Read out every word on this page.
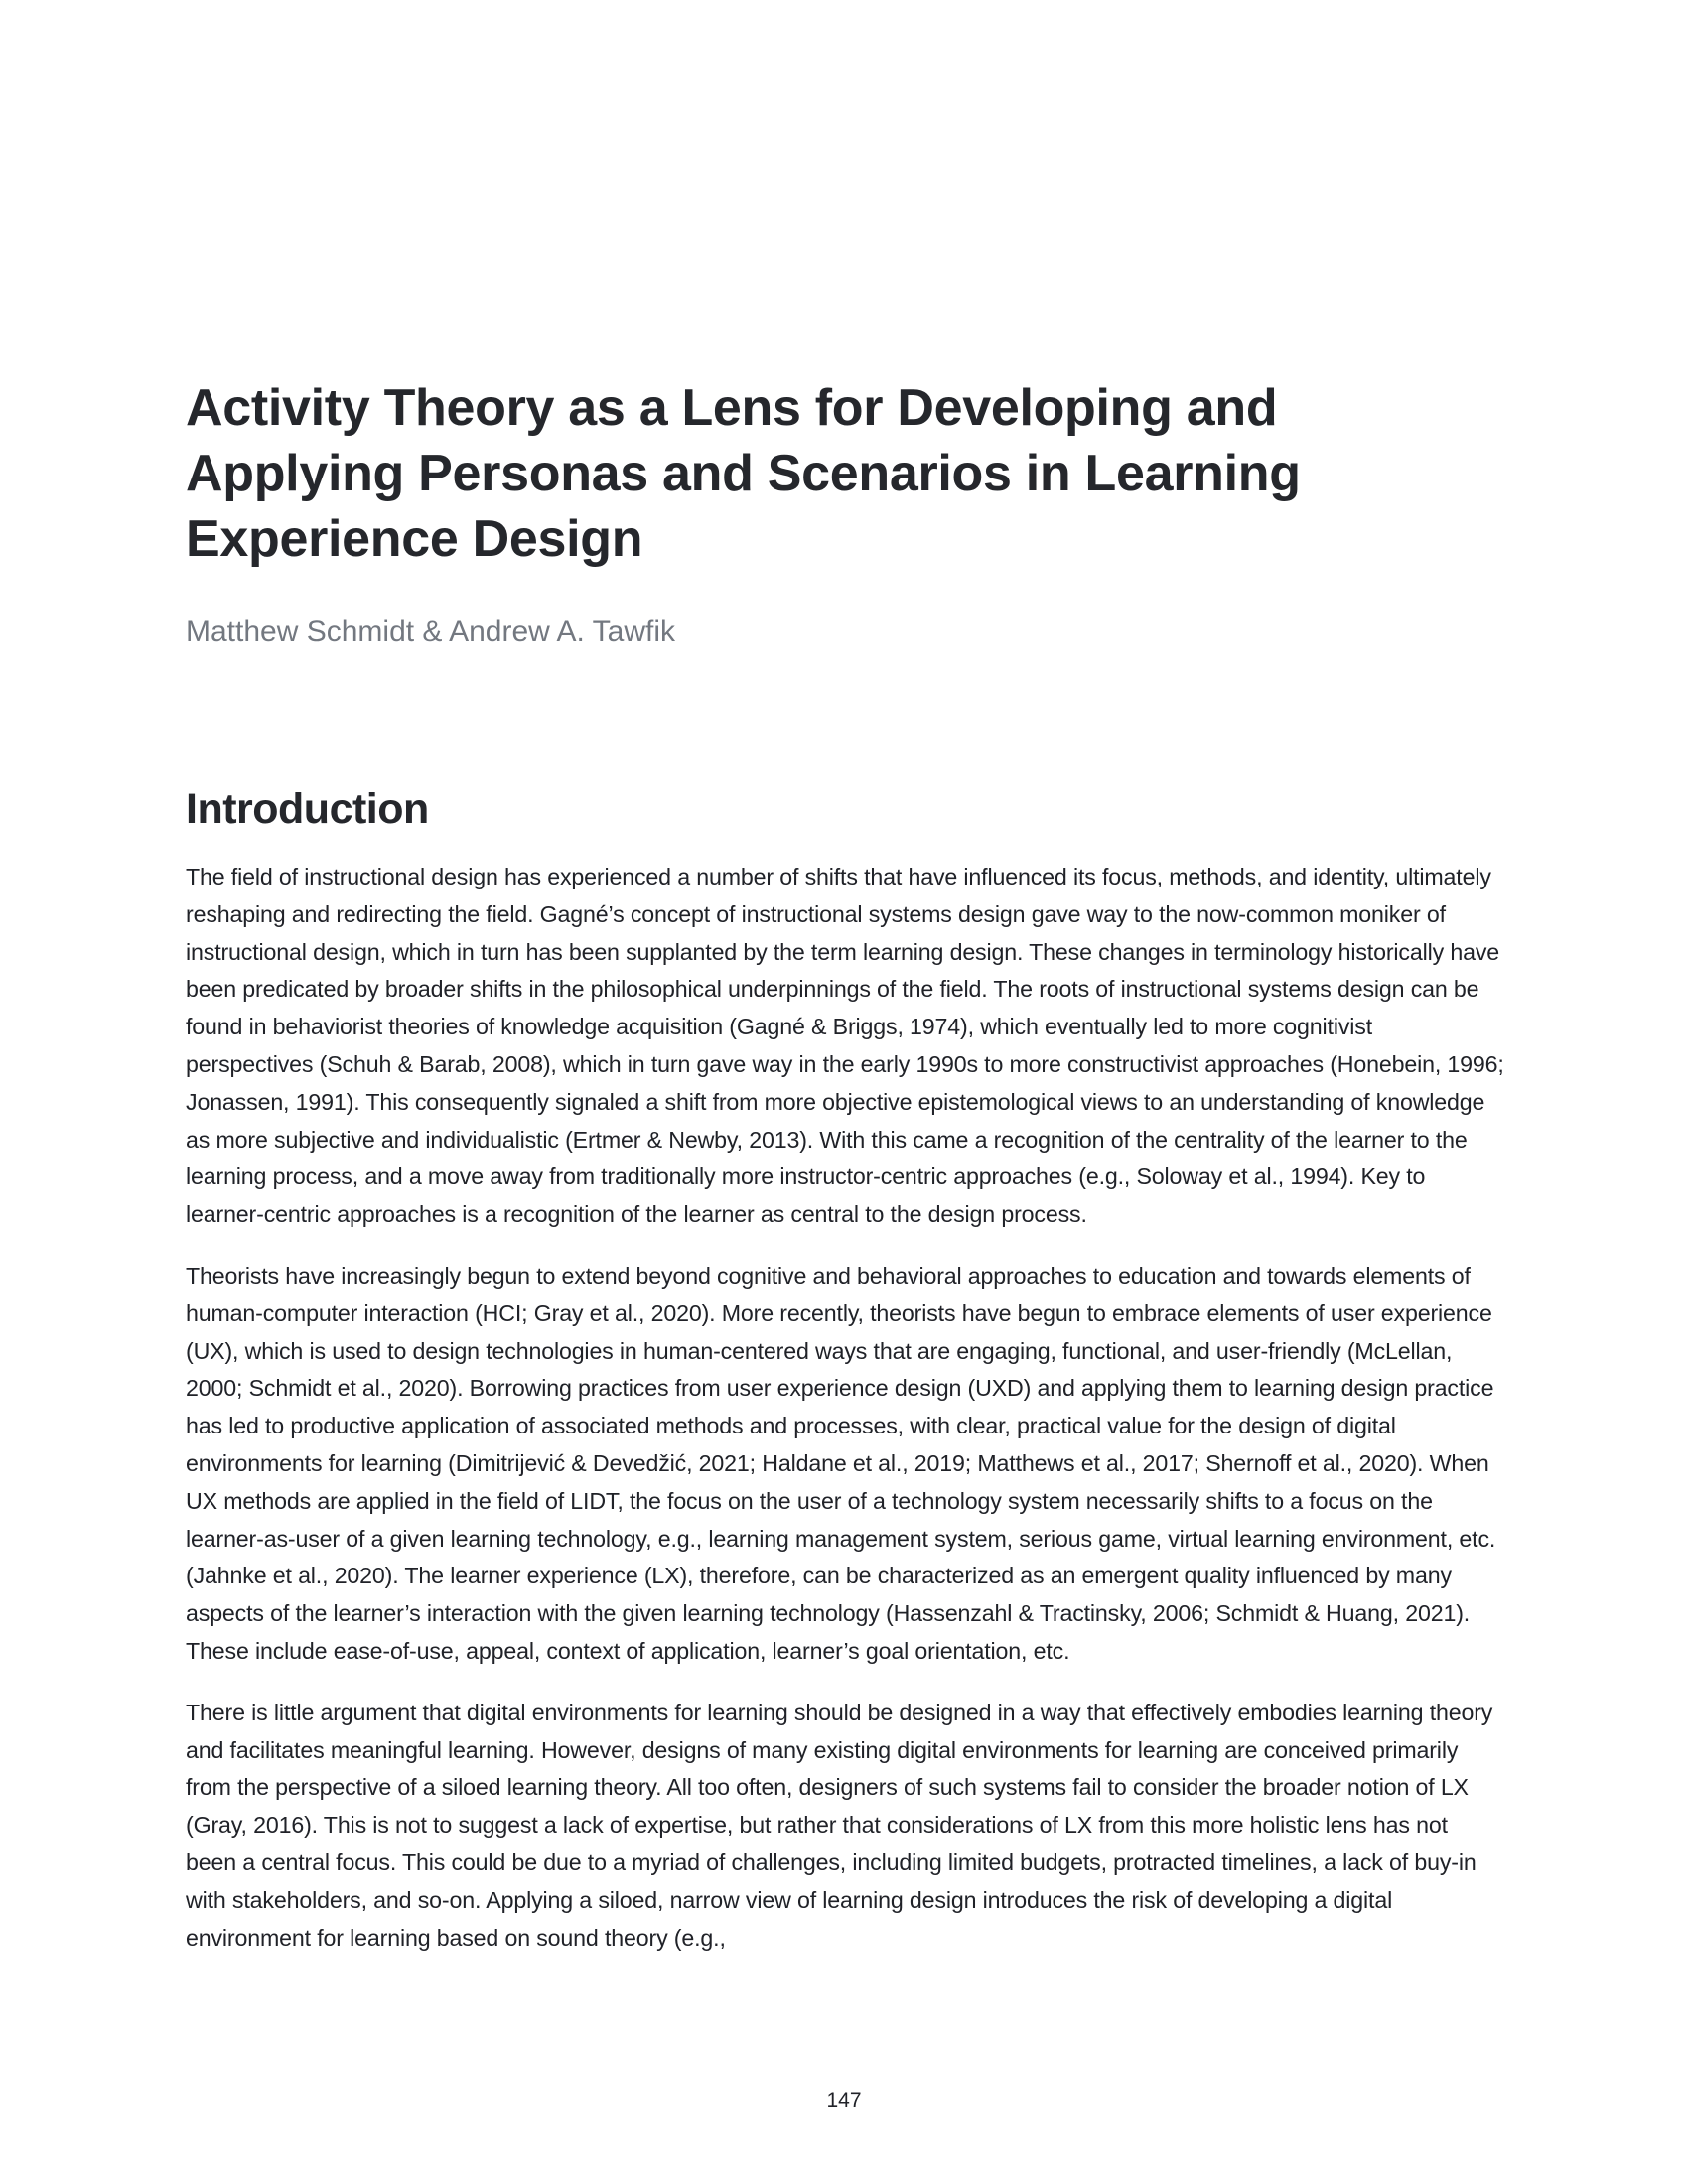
Activity Theory as a Lens for Developing and Applying Personas and Scenarios in Learning Experience Design
Matthew Schmidt & Andrew A. Tawfik
Introduction

The field of instructional design has experienced a number of shifts that have influenced its focus, methods, and identity, ultimately reshaping and redirecting the field. Gagné’s concept of instructional systems design gave way to the now-common moniker of instructional design, which in turn has been supplanted by the term learning design. These changes in terminology historically have been predicated by broader shifts in the philosophical underpinnings of the field. The roots of instructional systems design can be found in behaviorist theories of knowledge acquisition (Gagné & Briggs, 1974), which eventually led to more cognitivist perspectives (Schuh & Barab, 2008), which in turn gave way in the early 1990s to more constructivist approaches (Honebein, 1996; Jonassen, 1991). This consequently signaled a shift from more objective epistemological views to an understanding of knowledge as more subjective and individualistic (Ertmer & Newby, 2013). With this came a recognition of the centrality of the learner to the learning process, and a move away from traditionally more instructor-centric approaches (e.g., Soloway et al., 1994). Key to learner-centric approaches is a recognition of the learner as central to the design process.

Theorists have increasingly begun to extend beyond cognitive and behavioral approaches to education and towards elements of human-computer interaction (HCI; Gray et al., 2020). More recently, theorists have begun to embrace elements of user experience (UX), which is used to design technologies in human-centered ways that are engaging, functional, and user-friendly (McLellan, 2000; Schmidt et al., 2020). Borrowing practices from user experience design (UXD) and applying them to learning design practice has led to productive application of associated methods and processes, with clear, practical value for the design of digital environments for learning (Dimitrijević & Devedžić, 2021; Haldane et al., 2019; Matthews et al., 2017; Shernoff et al., 2020). When UX methods are applied in the field of LIDT, the focus on the user of a technology system necessarily shifts to a focus on the learner-as-user of a given learning technology, e.g., learning management system, serious game, virtual learning environment, etc. (Jahnke et al., 2020). The learner experience (LX), therefore, can be characterized as an emergent quality influenced by many aspects of the learner’s interaction with the given learning technology (Hassenzahl & Tractinsky, 2006; Schmidt & Huang, 2021). These include ease-of-use, appeal, context of application, learner’s goal orientation, etc.

There is little argument that digital environments for learning should be designed in a way that effectively embodies learning theory and facilitates meaningful learning. However, designs of many existing digital environments for learning are conceived primarily from the perspective of a siloed learning theory. All too often, designers of such systems fail to consider the broader notion of LX (Gray, 2016). This is not to suggest a lack of expertise, but rather that considerations of LX from this more holistic lens has not been a central focus. This could be due to a myriad of challenges, including limited budgets, protracted timelines, a lack of buy-in with stakeholders, and so-on. Applying a siloed, narrow view of learning design introduces the risk of developing a digital environment for learning based on sound theory (e.g.,

147
